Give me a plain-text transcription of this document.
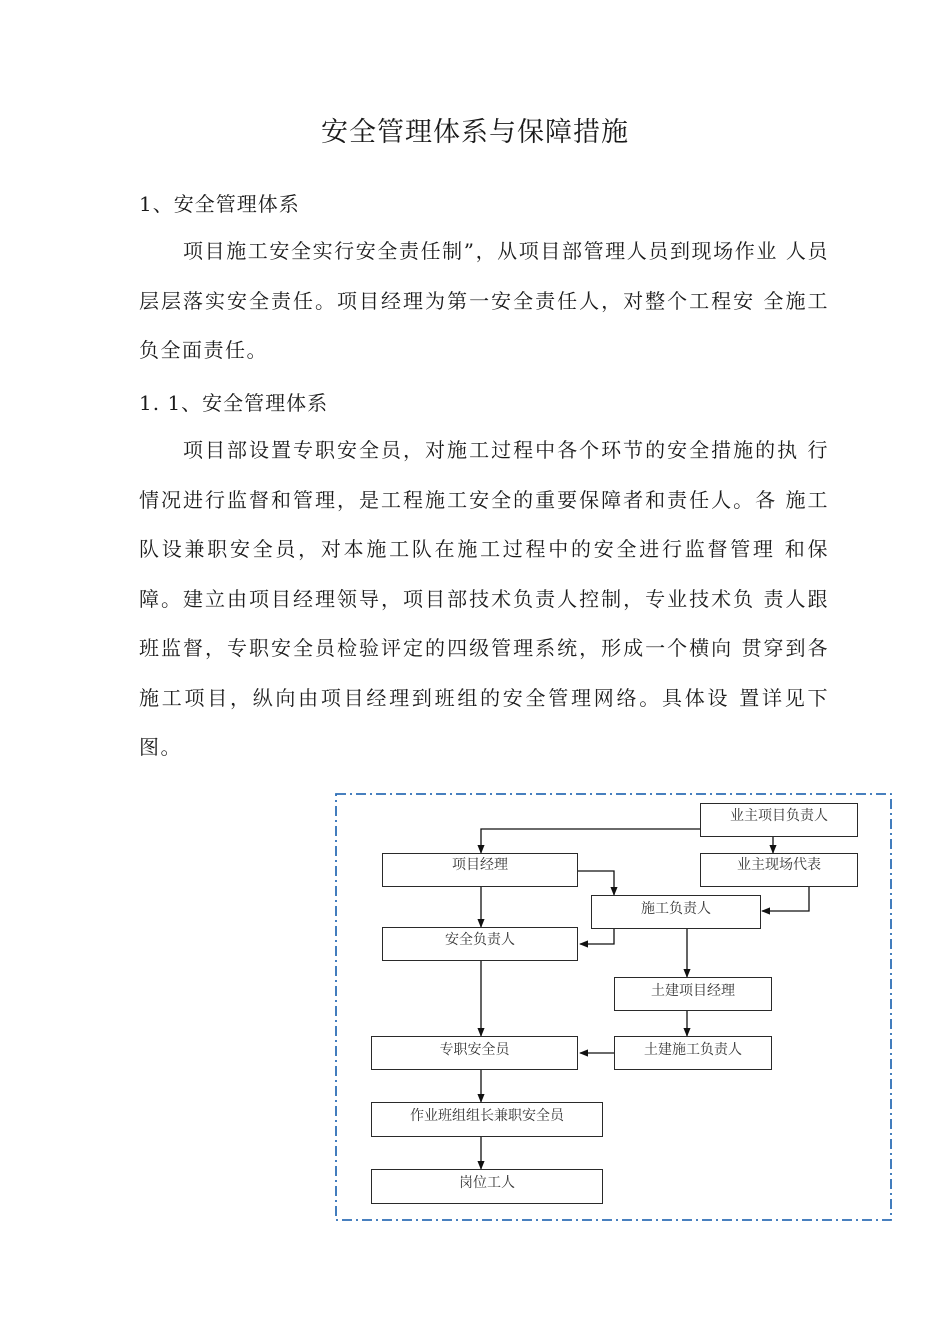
安全管理体系与保障措施
1、安全管理体系

项目施工安全实行安全责任制”，从项目部管理人员到现场作业 人员层层落实安全责任。项目经理为第一安全责任人，对整个工程安 全施工负全面责任。

1. 1、安全管理体系

项目部设置专职安全员，对施工过程中各个环节的安全措施的执 行情况进行监督和管理，是工程施工安全的重要保障者和责任人。各 施工队设兼职安全员，对本施工队在施工过程中的安全进行监督管理 和保障。建立由项目经理领导，项目部技术负责人控制，专业技术负 责人跟班监督，专职安全员检验评定的四级管理系统，形成一个横向 贯穿到各施工项目，纵向由项目经理到班组的安全管理网络。具体设 置详见下图。

业主项目负责人
项目经理	业主现场代表
施工负责人
安全负责人
土建项目经理
专职安全员	土建施工负责人
作业班组组长兼职安全员
岗位工人
